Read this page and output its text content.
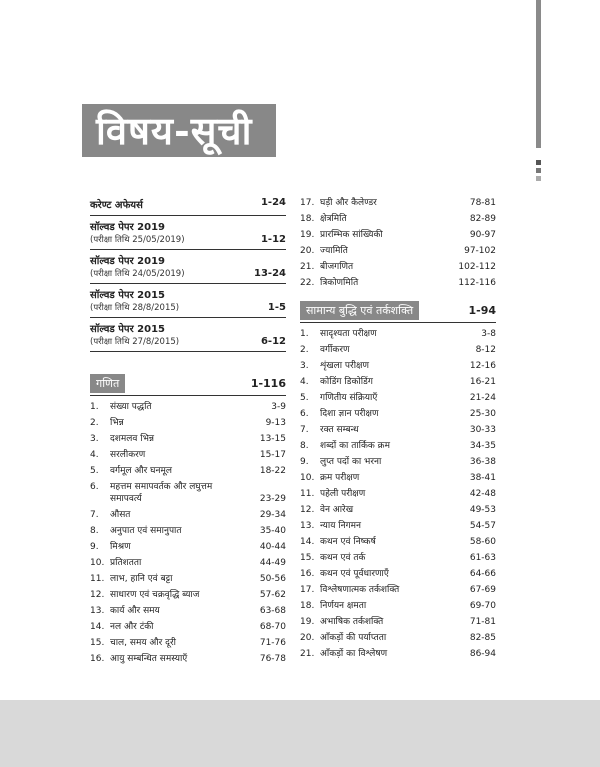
विषय-सूची
करेण्ट अफेयर्स	1-24
सॉल्वड पेपर 2019
(परीक्षा तिथि 25/05/2019)	1-12
सॉल्वड पेपर 2019
(परीक्षा तिथि 24/05/2019)	13-24
सॉल्वड पेपर 2015
(परीक्षा तिथि 28/8/2015)	1-5
सॉल्वड पेपर 2015
(परीक्षा तिथि 27/8/2015)	6-12
गणित	1-116
1.	संख्या पद्धति	3-9
2.	भिन्न	9-13
3.	दशमलव भिन्न	13-15
4.	सरलीकरण	15-17
5.	वर्गमूल और घनमूल	18-22
6.	महत्तम समापवर्तक और लघुत्तम
समापवर्त्य	23-29
7.	औसत	29-34
8.	अनुपात एवं समानुपात	35-40
9.	मिश्रण	40-44
10. प्रतिशतता	44-49
11. लाभ, हानि एवं बट्टा	50-56
12. साधारण एवं चक्रवृद्धि ब्याज	57-62
13. कार्य और समय	63-68
14. नल और टंकी	68-70
15. चाल, समय और दूरी	71-76
16. आयु सम्बन्धित समस्याएँ	76-78
17. घड़ी और कैलेण्डर	78-81
18. क्षेत्रमिति	82-89
19. प्रारम्भिक सांख्यिकी	90-97
20. ज्यामिति	97-102
21. बीजगणित	102-112
22. त्रिकोणमिति	112-116
सामान्य बुद्धि एवं तर्कशक्ति	1-94
1.	सादृश्यता परीक्षण	3-8
2.	वर्गीकरण	8-12
3.	शृंखला परीक्षण	12-16
4.	कोडिंग डिकोडिंग	16-21
5.	गणितीय संक्रियाएँ	21-24
6.	दिशा ज्ञान परीक्षण	25-30
7.	रक्त सम्बन्ध	30-33
8.	शब्दों का तार्किक क्रम	34-35
9.	लुप्त पदों का भरना	36-38
10. क्रम परीक्षण	38-41
11. पहेली परीक्षण	42-48
12. वेन आरेख	49-53
13. न्याय निगमन	54-57
14. कथन एवं निष्कर्ष	58-60
15. कथन एवं तर्क	61-63
16. कथन एवं पूर्वधारणाएँ	64-66
17. विश्लेषणात्मक तर्कशक्ति	67-69
18. निर्णयन क्षमता	69-70
19. अभाषिक तर्कशक्ति	71-81
20. आँकड़ों की पर्याप्तता	82-85
21. आँकड़ों का विश्लेषण	86-94
